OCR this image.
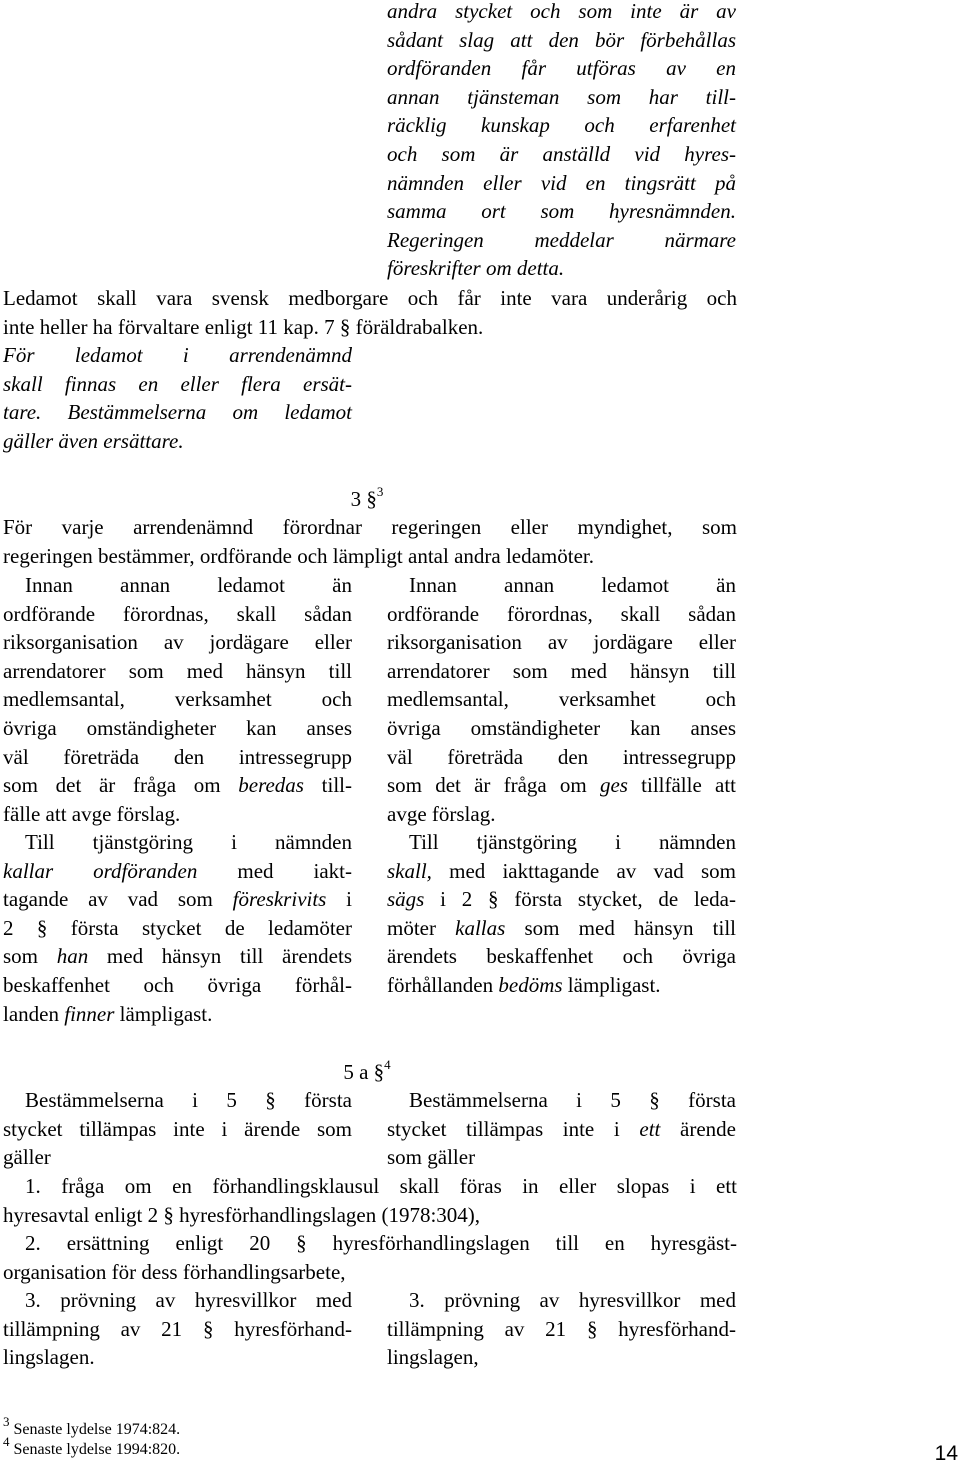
andra stycket och som inte är av
sådant slag att den bör förbehållas
ordföranden får utföras av en
annan tjänsteman som har till-
räcklig kunskap och erfarenhet
och som är anställd vid hyres-
nämnden eller vid en tingsrätt på
samma ort som hyresnämnden.
Regeringen meddelar närmare
föreskrifter om detta.
Ledamot skall vara svensk medborgare och får inte vara underårig och
inte heller ha förvaltare enligt 11 kap. 7 § föräldrabalken.
För ledamot i arrendenämnd
skall finnas en eller flera ersät-
tare. Bestämmelserna om ledamot
gäller även ersättare.
3 §$^3$
För varje arrendenämnd förordnar regeringen eller myndighet, som
regeringen bestämmer, ordförande och lämpligt antal andra ledamöter.
Innan annan ledamot än
ordförande förordnas, skall sådan
riksorganisation av jordägare eller
arrendatorer som med hänsyn till
medlemsantal, verksamhet och
övriga omständigheter kan anses
väl företräda den intressegrupp
som det är fråga om beredas till-
fälle att avge förslag.
Innan annan ledamot än
ordförande förordnas, skall sådan
riksorganisation av jordägare eller
arrendatorer som med hänsyn till
medlemsantal, verksamhet och
övriga omständigheter kan anses
väl företräda den intressegrupp
som det är fråga om ges tillfälle att
avge förslag.
Till tjänstgöring i nämnden
kallar ordföranden med iakt-
tagande av vad som föreskrivits i
2 § första stycket de ledamöter
som han med hänsyn till ärendets
beskaffenhet och övriga förhål-
landen finner lämpligast.
Till tjänstgöring i nämnden
skall, med iakttagande av vad som
sägs i 2 § första stycket, de leda-
möter kallas som med hänsyn till
ärendets beskaffenhet och övriga
förhållanden bedöms lämpligast.
5 a §$^4$
Bestämmelserna i 5 § första
stycket tillämpas inte i ärende som
gäller
Bestämmelserna i 5 § första
stycket tillämpas inte i ett ärende
som gäller
1. fråga om en förhandlingsklausul skall föras in eller slopas i ett
hyresavtal enligt 2 § hyresförhandlingslagen (1978:304),
2. ersättning enligt 20 § hyresförhandlingslagen till en hyresgäst-
organisation för dess förhandlingsarbete,
3. prövning av hyresvillkor med
tillämpning av 21 § hyresförhand-
lingslagen.
3. prövning av hyresvillkor med
tillämpning av 21 § hyresförhand-
lingslagen,
$^3$ Senaste lydelse 1974:824.
$^4$ Senaste lydelse 1994:820.	14
